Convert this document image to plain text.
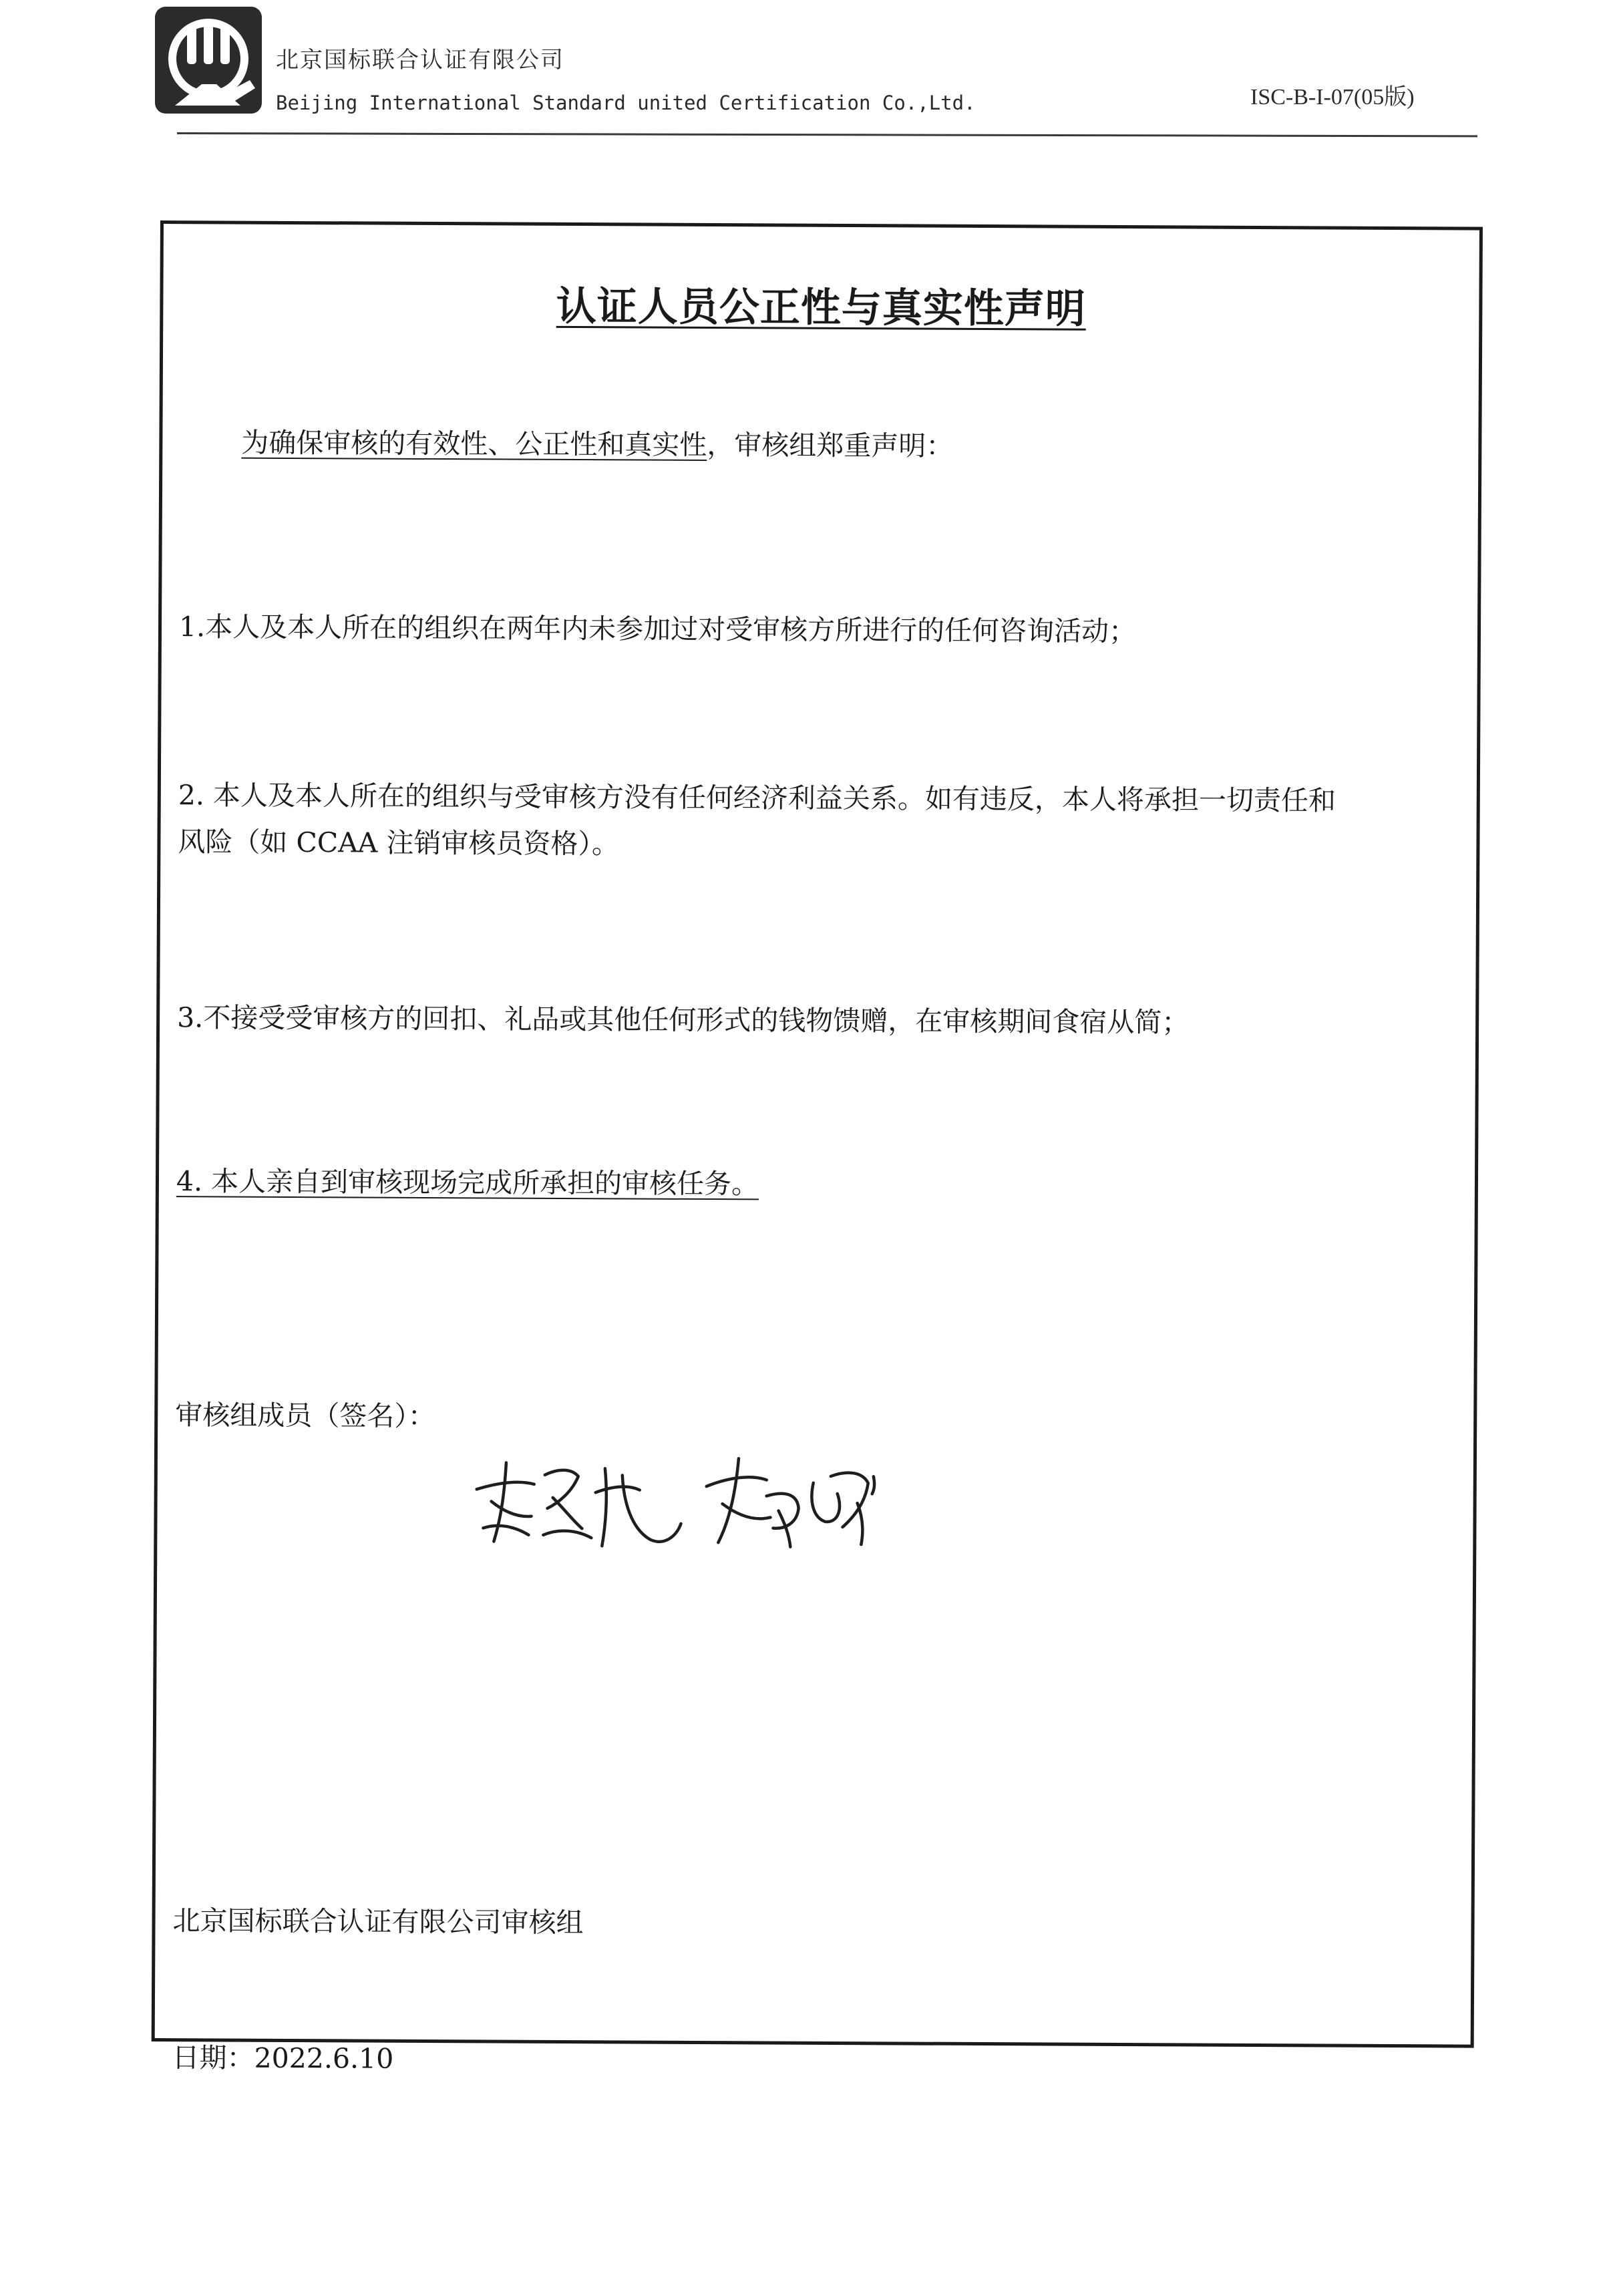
北京国标联合认证有限公司
Beijing International Standard united Certification Co.,Ltd.	ISC-B-I-07(05版)
认证人员公正性与真实性声明
为确保审核的有效性、公正性和真实性，审核组郑重声明：
1.本人及本人所在的组织在两年内未参加过对受审核方所进行的任何咨询活动；
2. 本人及本人所在的组织与受审核方没有任何经济利益关系。如有违反，本人将承担一切责任和
风险（如 CCAA 注销审核员资格）。
3.不接受受审核方的回扣、礼品或其他任何形式的钱物馈赠，在审核期间食宿从简；
4. 本人亲自到审核现场完成所承担的审核任务。
审核组成员（签名）：
北京国标联合认证有限公司审核组
日期：2022.6.10
